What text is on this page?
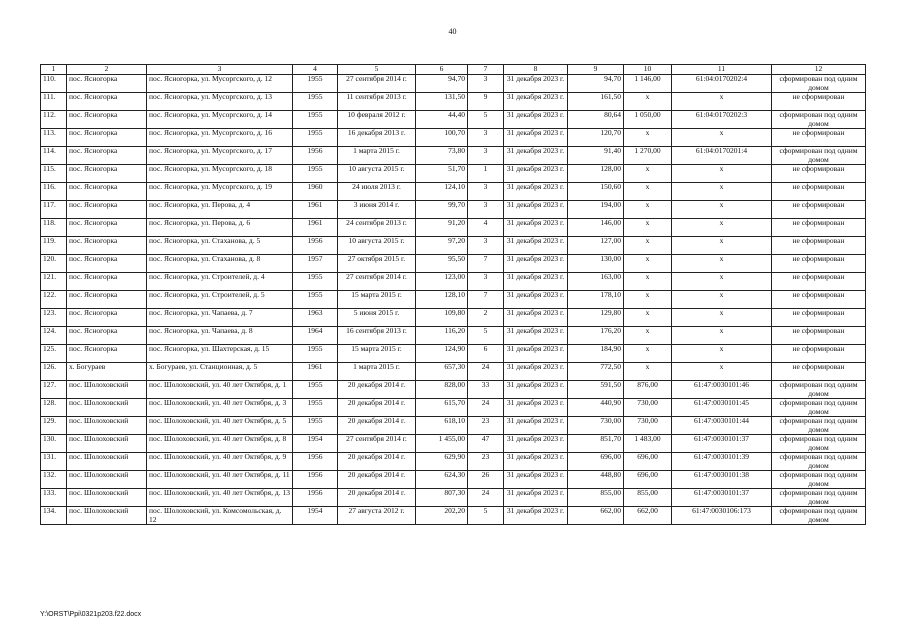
40
1	2	3	4	5	6	7	8	9	10	11	12
110.	пос. Ясногорка	пос. Ясногорка, ул. Мусоргского, д. 12	1955	27 сентября 2014 г.	94,70	3	31 декабря 2023 г.	94,70	1 146,00	61:04:0170202:4	сформирован под одним домом
111.	пос. Ясногорка	пос. Ясногорка, ул. Мусоргского, д. 13	1955	11 сентября 2013 г.	131,50	9	31 декабря 2023 г.	161,50	х	х	не сформирован
112.	пос. Ясногорка	пос. Ясногорка, ул. Мусоргского, д. 14	1955	10 февраля 2012 г.	44,40	5	31 декабря 2023 г.	80,64	1 050,00	61:04:0170202:3	сформирован под одним домом
113.	пос. Ясногорка	пос. Ясногорка, ул. Мусоргского, д. 16	1955	16 декабря 2013 г.	100,70	3	31 декабря 2023 г.	120,70	х	х	не сформирован
114.	пос. Ясногорка	пос. Ясногорка, ул. Мусоргского, д. 17	1956	1 марта 2015 г.	73,80	3	31 декабря 2023 г.	91,40	1 270,00	61:04:0170201:4	сформирован под одним домом
115.	пос. Ясногорка	пос. Ясногорка, ул. Мусоргского, д. 18	1955	10 августа 2015 г.	51,70	1	31 декабря 2023 г.	128,00	х	х	не сформирован
116.	пос. Ясногорка	пос. Ясногорка, ул. Мусоргского, д. 19	1960	24 июля 2013 г.	124,10	3	31 декабря 2023 г.	150,60	х	х	не сформирован
117.	пос. Ясногорка	пос. Ясногорка, ул. Перова, д. 4	1961	3 июня 2014 г.	99,70	3	31 декабря 2023 г.	194,00	х	х	не сформирован
118.	пос. Ясногорка	пос. Ясногорка, ул. Перова, д. 6	1961	24 сентября 2013 г.	91,20	4	31 декабря 2023 г.	146,00	х	х	не сформирован
119.	пос. Ясногорка	пос. Ясногорка, ул. Стаханова, д. 5	1956	10 августа 2015 г.	97,20	3	31 декабря 2023 г.	127,00	х	х	не сформирован
120.	пос. Ясногорка	пос. Ясногорка, ул. Стаханова, д. 8	1957	27 октября 2015 г.	95,50	7	31 декабря 2023 г.	130,00	х	х	не сформирован
121.	пос. Ясногорка	пос. Ясногорка, ул. Строителей, д. 4	1955	27 сентября 2014 г.	123,00	3	31 декабря 2023 г.	163,00	х	х	не сформирован
122.	пос. Ясногорка	пос. Ясногорка, ул. Строителей, д. 5	1955	15 марта 2015 г.	128,10	7	31 декабря 2023 г.	178,10	х	х	не сформирован
123.	пос. Ясногорка	пос. Ясногорка, ул. Чапаева, д. 7	1963	5 июня 2015 г.	109,80	2	31 декабря 2023 г.	129,80	х	х	не сформирован
124.	пос. Ясногорка	пос. Ясногорка, ул. Чапаева, д. 8	1964	16 сентября 2013 г.	116,20	5	31 декабря 2023 г.	176,20	х	х	не сформирован
125.	пос. Ясногорка	пос. Ясногорка, ул. Шахтерская, д. 15	1955	15 марта 2015 г.	124,90	6	31 декабря 2023 г.	184,90	х	х	не сформирован
126.	х. Богураев	х. Богураев, ул. Станционная, д. 5	1961	1 марта 2015 г.	657,30	24	31 декабря 2023 г.	772,50	х	х	не сформирован
127.	пос. Шолоховский	пос. Шолоховский, ул. 40 лет Октября, д. 1	1955	20 декабря 2014 г.	828,00	33	31 декабря 2023 г.	591,50	876,00	61:47:0030101:46	сформирован под одним домом
128.	пос. Шолоховский	пос. Шолоховский, ул. 40 лет Октября, д. 3	1955	20 декабря 2014 г.	615,70	24	31 декабря 2023 г.	440,90	730,00	61:47:0030101:45	сформирован под одним домом
129.	пос. Шолоховский	пос. Шолоховский, ул. 40 лет Октября, д. 5	1955	20 декабря 2014 г.	618,10	23	31 декабря 2023 г.	730,00	730,00	61:47:0030101:44	сформирован под одним домом
130.	пос. Шолоховский	пос. Шолоховский, ул. 40 лет Октября, д. 8	1954	27 сентября 2014 г.	1 455,00	47	31 декабря 2023 г.	851,70	1 483,00	61:47:0030101:37	сформирован под одним домом
131.	пос. Шолоховский	пос. Шолоховский, ул. 40 лет Октября, д. 9	1956	20 декабря 2014 г.	629,90	23	31 декабря 2023 г.	696,00	696,00	61:47:0030101:39	сформирован под одним домом
132.	пос. Шолоховский	пос. Шолоховский, ул. 40 лет Октября, д. 11	1956	20 декабря 2014 г.	624,30	26	31 декабря 2023 г.	448,80	696,00	61:47:0030101:38	сформирован под одним домом
133.	пос. Шолоховский	пос. Шолоховский, ул. 40 лет Октября, д. 13	1956	20 декабря 2014 г.	807,30	24	31 декабря 2023 г.	855,00	855,00	61:47:0030101:37	сформирован под одним домом
134.	пос. Шолоховский	пос. Шолоховский, ул. Комсомольская, д. 12	1954	27 августа 2012 г.	202,20	5	31 декабря 2023 г.	662,00	662,00	61:47:0030106:173	сформирован под одним домом
Y:\ORST\Ppi\0321p203.f22.docx
